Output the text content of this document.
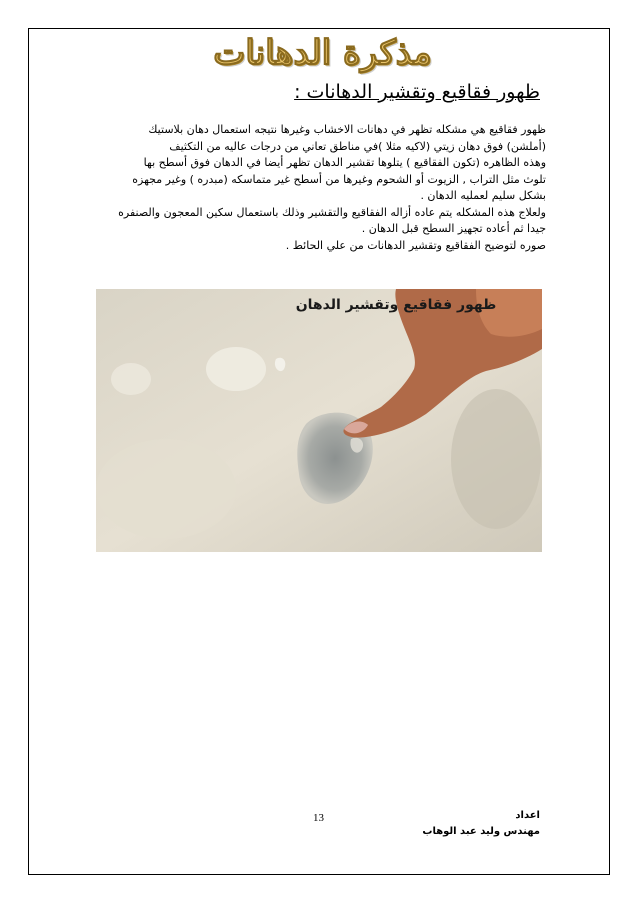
مذكرة الدهانات
ظهور فقاقيع وتقشير الدهانات :

ظهور فقاقيع هي مشكله تظهر في دهانات الاخشاب وغيرها نتيجه استعمال دهان بلاستيك

(أملشن) فوق دهان زيتي (لاكيه مثلا )في مناطق تعاني من درجات عاليه من التكثيف

وهذه الظاهره (تكون الفقاقيع ) يتلوها تقشير الدهان تظهر أيضا في الدهان فوق أسطح بها

تلوث مثل التراب , الزيوت أو الشحوم وغيرها من أسطح غير متماسكه (مبدره ) وغير مجهزه

بشكل سليم لعمليه الدهان .

ولعلاج هذه المشكله يتم عاده أزاله الفقاقيع والتقشير وذلك باستعمال سكين المعجون والصنفره

جيدا ثم أعاده تجهيز السطح قبل الدهان .

صوره لتوضيح الفقاقيع وتقشير الدهانات من علي الحائط .

ظهور فقاقيع وتقشير الدهان
13	اعداد
مهندس وليد عبد الوهاب
